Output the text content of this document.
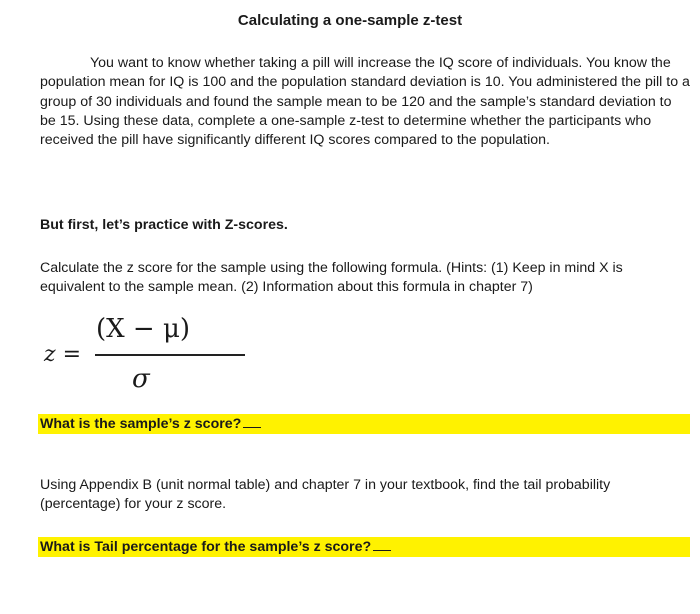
Calculating a one-sample z-test
You want to know whether taking a pill will increase the IQ score of individuals. You know the population mean for IQ is 100 and the population standard deviation is 10. You administered the pill to a group of 30 individuals and found the sample mean to be 120 and the sample’s standard deviation to be 15. Using these data, complete a one-sample z-test to determine whether the participants who received the pill have significantly different IQ scores compared to the population.
But first, let’s practice with Z-scores.
Calculate the z score for the sample using the following formula. (Hints: (1) Keep in mind X is equivalent to the sample mean. (2) Information about this formula in chapter 7)
z =
(X − μ)
σ
What is the sample’s z score?
Using Appendix B (unit normal table) and chapter 7 in your textbook, find the tail probability (percentage) for your z score.
What is Tail percentage for the sample’s z score?
